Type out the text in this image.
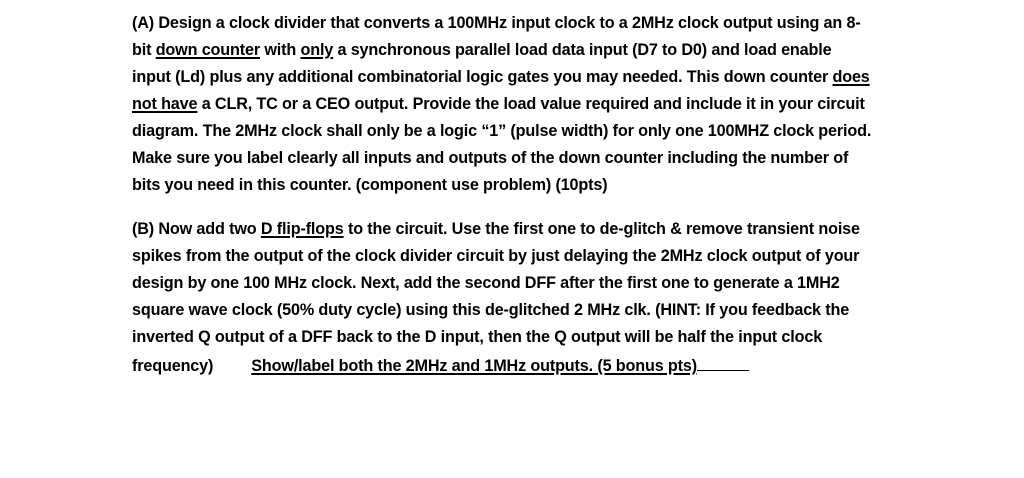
(A) Design a clock divider that converts a 100MHz input clock to a 2MHz clock output using an 8-
bit down counter with only a synchronous parallel load data input (D7 to D0) and load enable
input (Ld) plus any additional combinatorial logic gates you may needed. This down counter does
not have a CLR, TC or a CEO output. Provide the load value required and include it in your circuit
diagram. The 2MHz clock shall only be a logic “1” (pulse width) for only one 100MHZ clock period.
Make sure you label clearly all inputs and outputs of the down counter including the number of
bits you need in this counter. (component use problem) (10pts)
(B) Now add two D flip-flops to the circuit. Use the first one to de-glitch & remove transient noise
spikes from the output of the clock divider circuit by just delaying the 2MHz clock output of your
design by one 100 MHz clock. Next, add the second DFF after the first one to generate a 1MH2
square wave clock (50% duty cycle) using this de-glitched 2 MHz clk. (HINT: If you feedback the
inverted Q output of a DFF back to the D input, then the Q output will be half the input clock
frequency) Show/label both the 2MHz and 1MHz outputs. (5 bonus pts)
